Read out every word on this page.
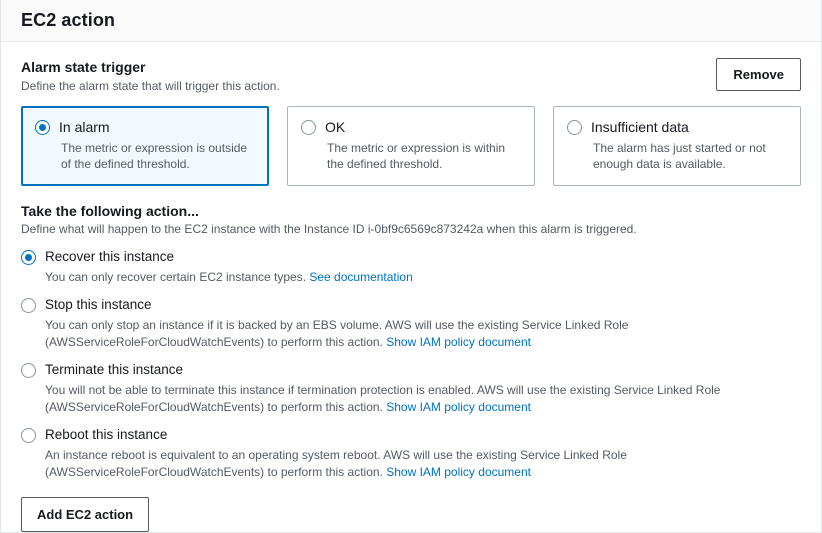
EC2 action
Alarm state trigger
Define the alarm state that will trigger this action.
Remove
In alarm
The metric or expression is outside of the defined threshold.
OK
The metric or expression is within the defined threshold.
Insufficient data
The alarm has just started or not enough data is available.
Take the following action...
Define what will happen to the EC2 instance with the Instance ID i-0bf9c6569c873242a when this alarm is triggered.
Recover this instance
You can only recover certain EC2 instance types. See documentation
Stop this instance
You can only stop an instance if it is backed by an EBS volume. AWS will use the existing Service Linked Role (AWSServiceRoleForCloudWatchEvents) to perform this action. Show IAM policy document
Terminate this instance
You will not be able to terminate this instance if termination protection is enabled. AWS will use the existing Service Linked Role (AWSServiceRoleForCloudWatchEvents) to perform this action. Show IAM policy document
Reboot this instance
An instance reboot is equivalent to an operating system reboot. AWS will use the existing Service Linked Role (AWSServiceRoleForCloudWatchEvents) to perform this action. Show IAM policy document
Add EC2 action
